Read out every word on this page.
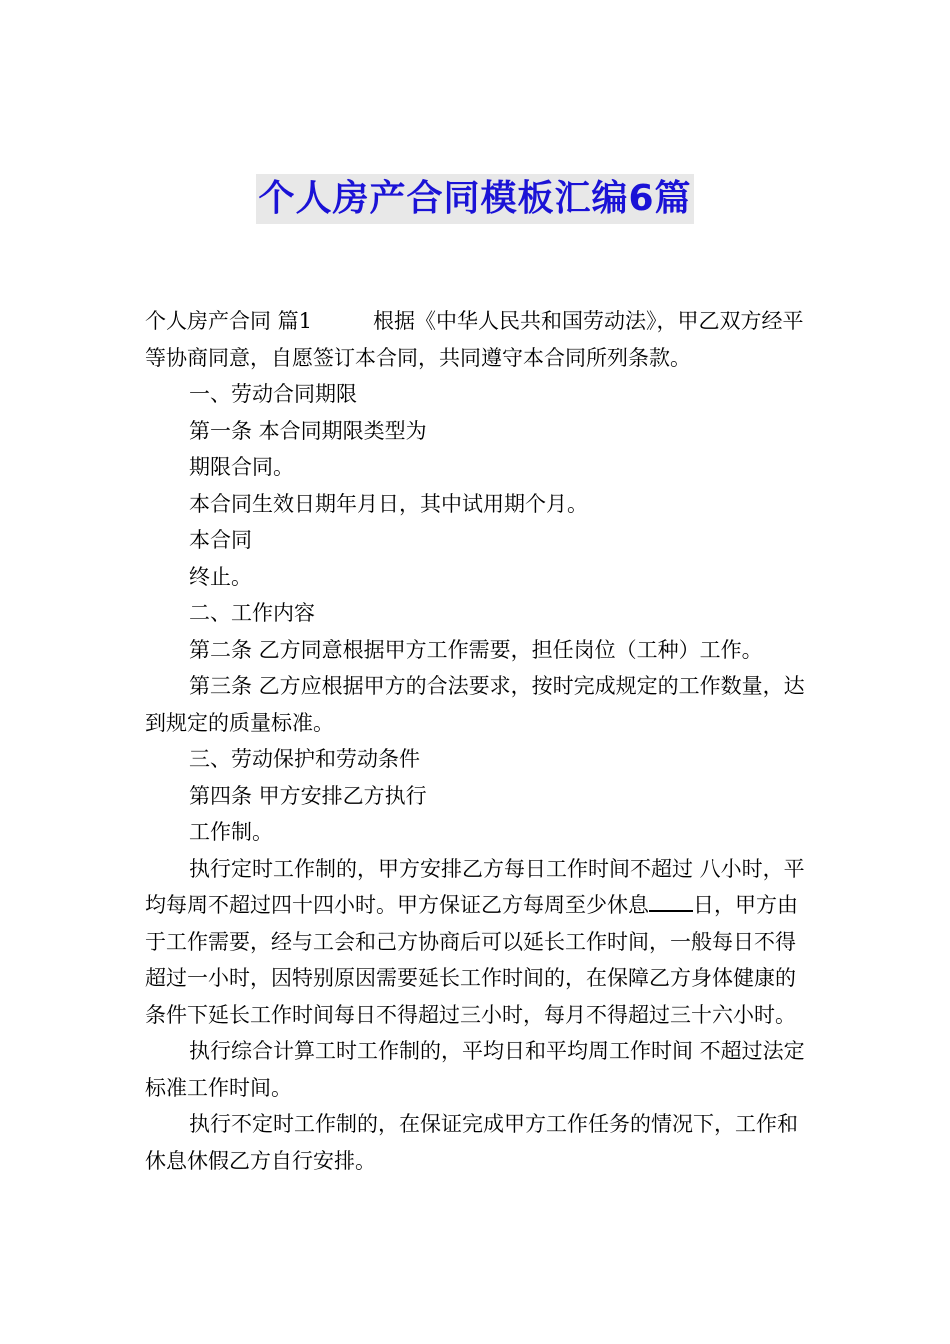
个人房产合同模板汇编6篇

个人房产合同 篇1	根据《中华人民共和国劳动法》，甲乙双方经平等协商同意，自愿签订本合同，共同遵守本合同所列条款。

一、劳动合同期限

第一条 本合同期限类型为

期限合同。

本合同生效日期年月日，其中试用期个月。

本合同

终止。

二、工作内容

第二条 乙方同意根据甲方工作需要，担任岗位（工种）工作。

第三条 乙方应根据甲方的合法要求，按时完成规定的工作数量，达到规定的质量标准。

三、劳动保护和劳动条件

第四条 甲方安排乙方执行

工作制。

执行定时工作制的，甲方安排乙方每日工作时间不超过 八小时，平均每周不超过四十四小时。甲方保证乙方每周至少休息 日，甲方由于工作需要，经与工会和己方协商后可以延长工作时间，一般每日不得超过一小时，因特别原因需要延长工作时间的，在保障乙方身体健康的条件下延长工作时间每日不得超过三小时，每月不得超过三十六小时。

执行综合计算工时工作制的，平均日和平均周工作时间 不超过法定标准工作时间。

执行不定时工作制的，在保证完成甲方工作任务的情况下，工作和休息休假乙方自行安排。
